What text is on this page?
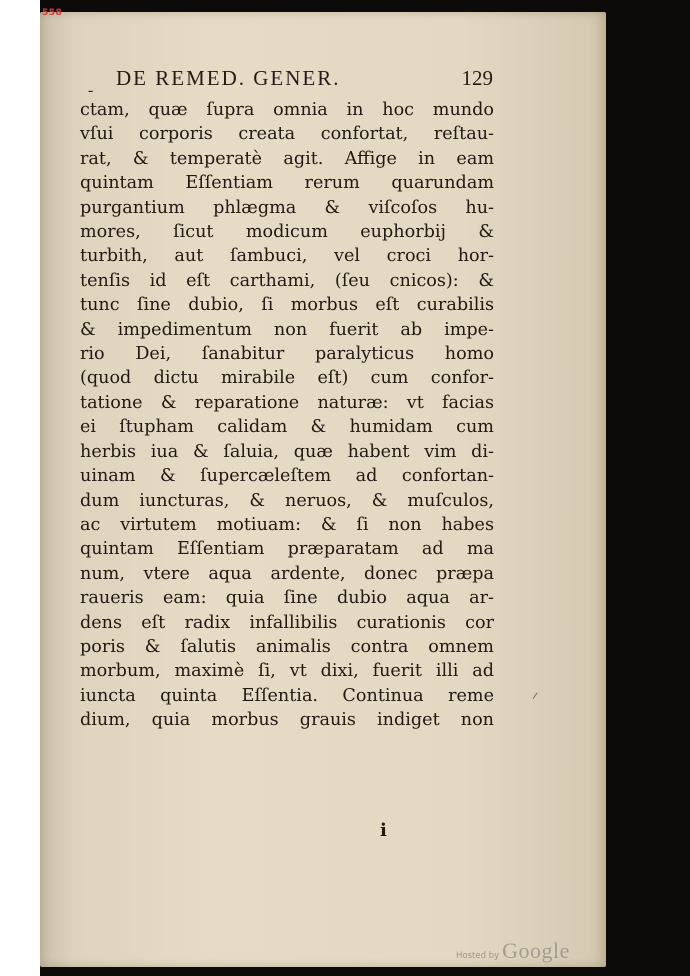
558
-
DE REMED. GENER.	129
ctam, quæ ſupra omnia in hoc mundo
vſui corporis creata confortat, reſtau-
rat, & temperatè agit. Affige in eam
quintam Eſſentiam rerum quarundam
purgantium phlægma & viſcoſos hu-
mores, ſicut modicum euphorbij &
turbith, aut ſambuci, vel croci hor-
tenſis id eſt carthami, (ſeu cnicos): &
tunc ſine dubio, ſi morbus eſt curabilis
& impedimentum non fuerit ab impe-
rio Dei, ſanabitur paralyticus homo
(quod dictu mirabile eſt) cum confor-
tatione & reparatione naturæ: vt facias
ei ſtupham calidam & humidam cum
herbis iua & ſaluia, quæ habent vim di-
uinam & ſupercæleſtem ad confortan-
dum iuncturas, & neruos, & muſculos,
ac virtutem motiuam: & ſi non habes
quintam Eſſentiam præparatam ad ma
num, vtere aqua ardente, donec præpa
raueris eam: quia ſine dubio aqua ar-
dens eſt radix infallibilis curationis cor
poris & ſalutis animalis contra omnem
morbum, maximè ſi, vt dixi, fuerit illi ad
iuncta quinta Eſſentia. Continua reme
dium, quia morbus grauis indiget non
i
Hosted by Google
